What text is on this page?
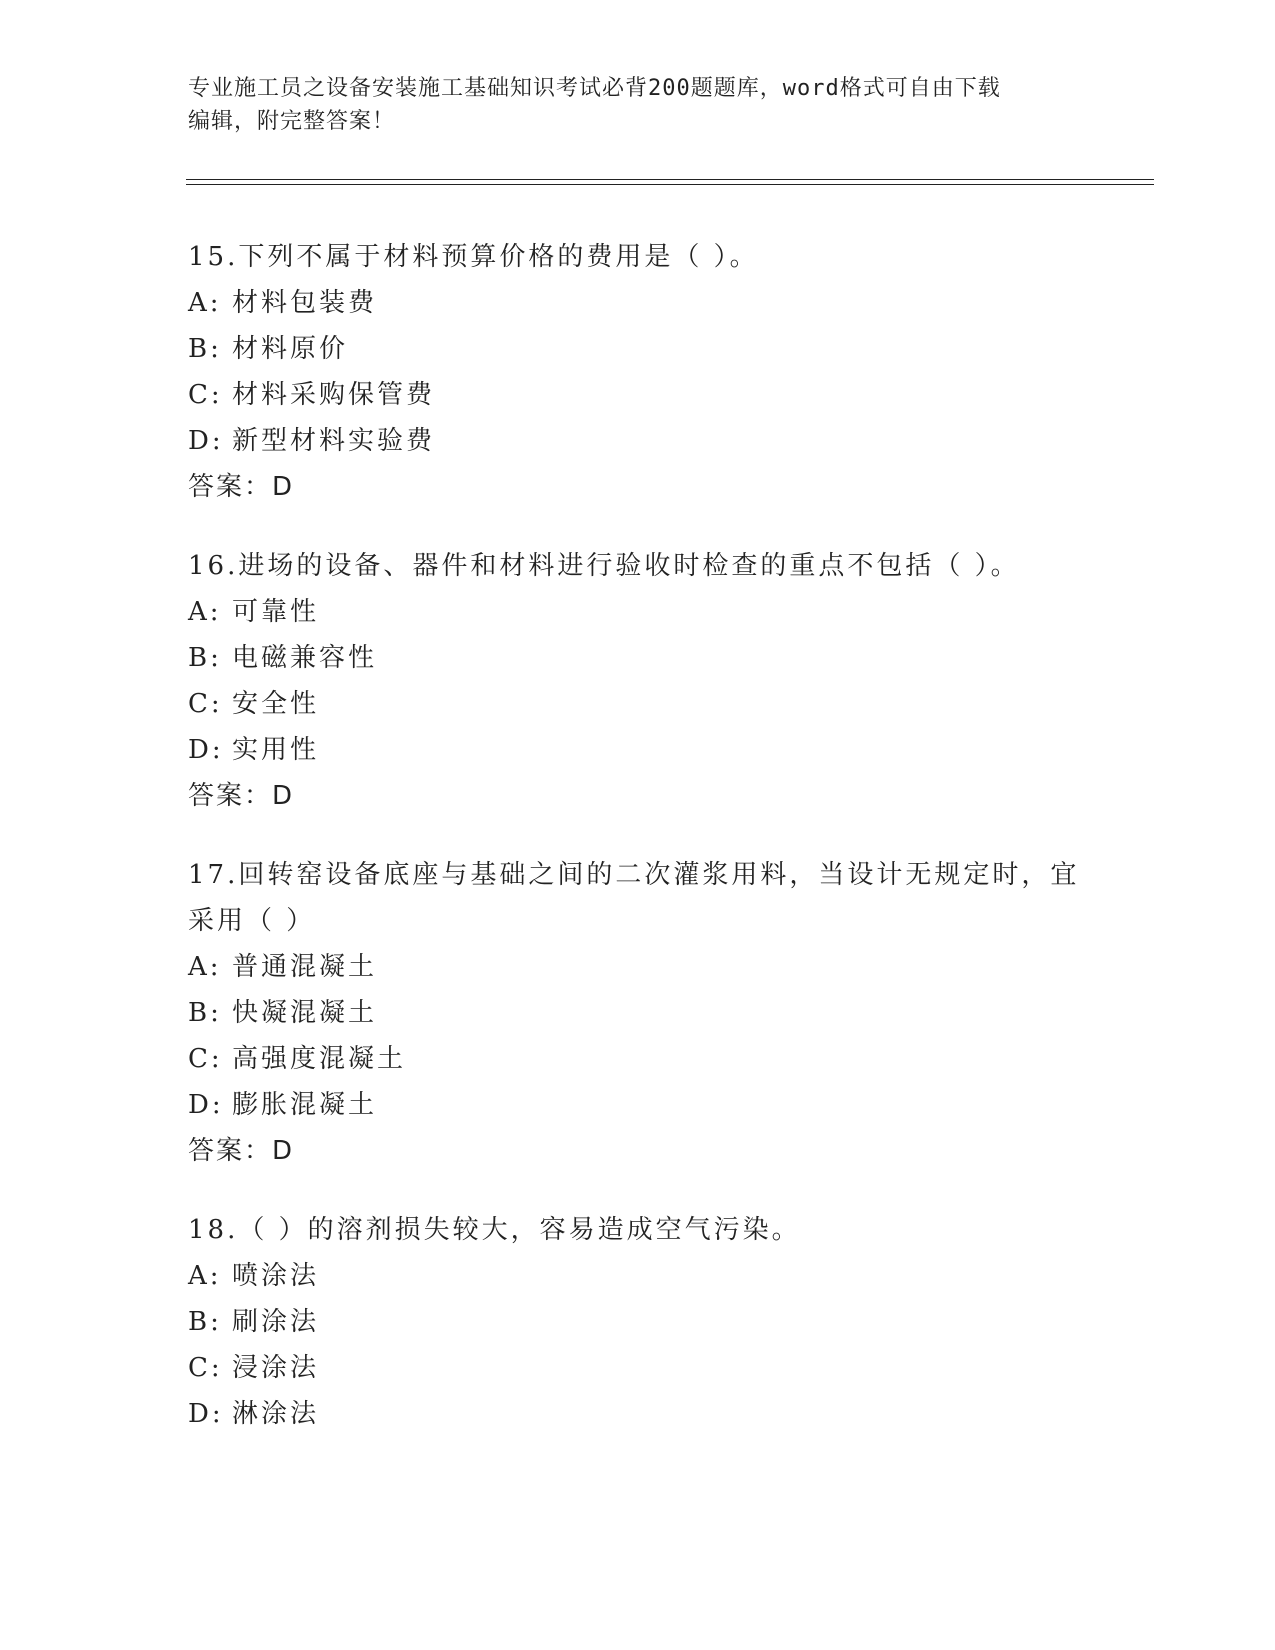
专业施工员之设备安装施工基础知识考试必背200题题库，word格式可自由下载
编辑，附完整答案！

15.下列不属于材料预算价格的费用是（ ）。

A: 材料包装费
B: 材料原价
C: 材料采购保管费
D: 新型材料实验费
答案：D

16.进场的设备、器件和材料进行验收时检查的重点不包括（ ）。

A: 可靠性
B: 电磁兼容性
C: 安全性
D: 实用性
答案：D

17.回转窑设备底座与基础之间的二次灌浆用料，当设计无规定时，宜采用（ ）

A: 普通混凝土
B: 快凝混凝土
C: 高强度混凝土
D: 膨胀混凝土
答案：D

18.（ ）的溶剂损失较大，容易造成空气污染。

A: 喷涂法
B: 刷涂法
C: 浸涂法
D: 淋涂法
